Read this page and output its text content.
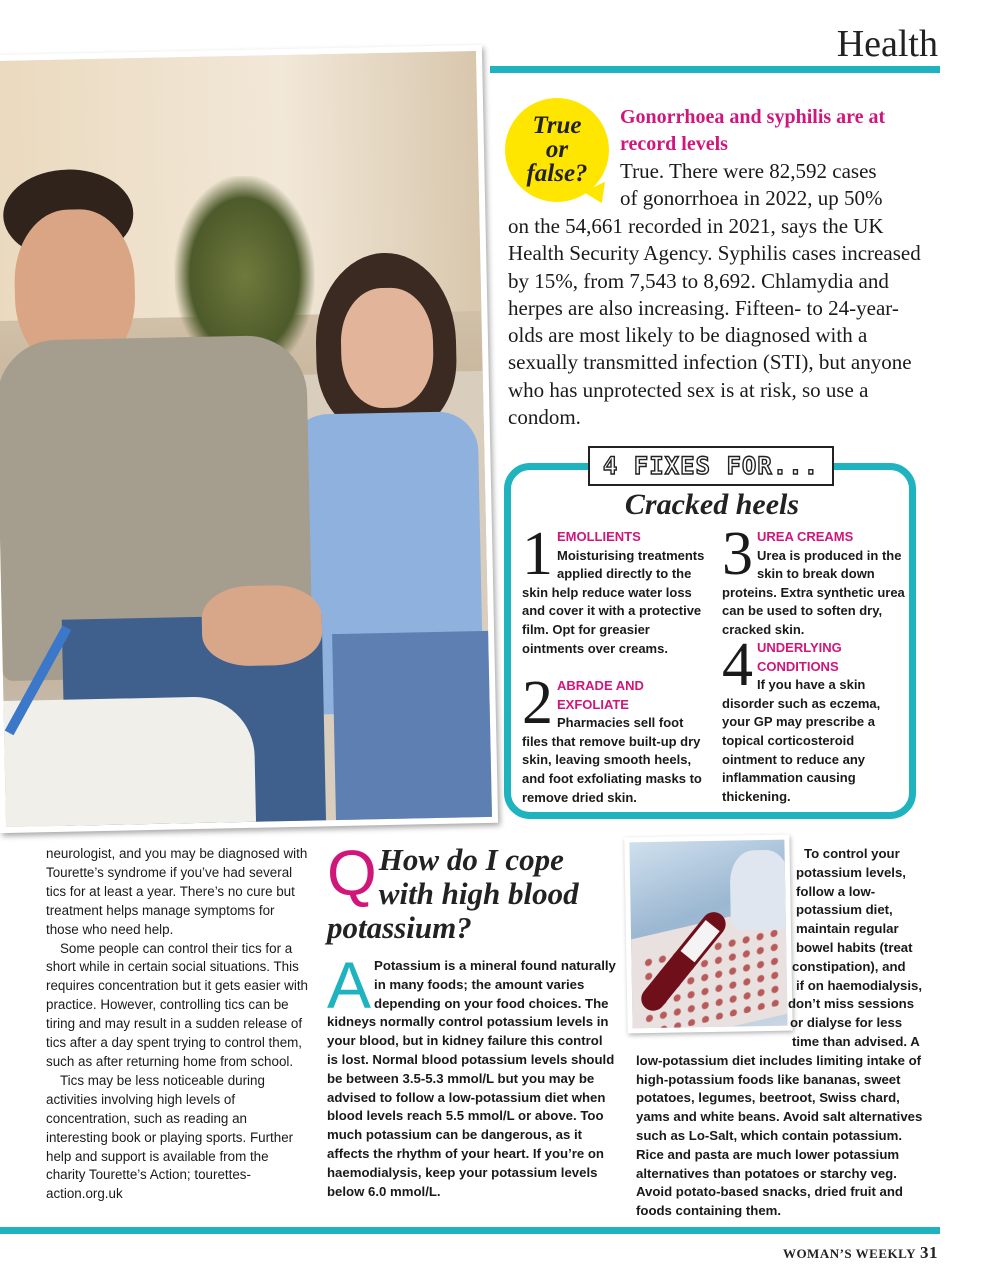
Health
True
or
false?
Gonorrhoea and syphilis are at record levels
True. There were 82,592 cases
of gonorrhoea in 2022, up 50%
on the 54,661 recorded in 2021, says the UK Health Security Agency. Syphilis cases increased by 15%, from 7,543 to 8,692. Chlamydia and herpes are also increasing. Fifteen- to 24-year-olds are most likely to be diagnosed with a sexually transmitted infection (STI), but anyone who has unprotected sex is at risk, so use a condom.
4 FIXES FOR...
Cracked heels
1 EMOLLIENTS
Moisturising treatments applied directly to the skin help reduce water loss and cover it with a protective film. Opt for greasier ointments over creams.
2 ABRADE AND EXFOLIATE
Pharmacies sell foot files that remove built-up dry skin, leaving smooth heels, and foot exfoliating masks to remove dried skin.
3 UREA CREAMS
Urea is produced in the skin to break down proteins. Extra synthetic urea can be used to soften dry, cracked skin.
4 UNDERLYING CONDITIONS
If you have a skin disorder such as eczema, your GP may prescribe a topical corticosteroid ointment to reduce any inflammation causing thickening.

neurologist, and you may be diagnosed with Tourette’s syndrome if you’ve had several tics for at least a year. There’s no cure but treatment helps manage symptoms for those who need help.

Some people can control their tics for a short while in certain social situations. This requires concentration but it gets easier with practice. However, controlling tics can be tiring and may result in a sudden release of tics after a day spent trying to control them, such as after returning home from school.

Tics may be less noticeable during activities involving high levels of concentration, such as reading an interesting book or playing sports. Further help and support is available from the charity Tourette’s Action; tourettes-action.org.uk

Q How do I cope with high blood potassium?
A Potassium is a mineral found naturally in many foods; the amount varies depending on your food choices. The kidneys normally control potassium levels in your blood, but in kidney failure this control is lost. Normal blood potassium levels should be between 3.5-5.3 mmol/L but you may be advised to follow a low-potassium diet when blood levels reach 5.5 mmol/L or above. Too much potassium can be dangerous, as it affects the rhythm of your heart. If you’re on haemodialysis, keep your potassium levels below 6.0 mmol/L.
To control your
potassium levels,
follow a low-
potassium diet,
maintain regular
bowel habits (treat
constipation), and
if on haemodialysis,
don’t miss sessions
or dialyse for less
time than advised. A
low-potassium diet includes limiting intake of high-potassium foods like bananas, sweet potatoes, legumes, beetroot, Swiss chard, yams and white beans. Avoid salt alternatives such as Lo-Salt, which contain potassium. Rice and pasta are much lower potassium alternatives than potatoes or starchy veg. Avoid potato-based snacks, dried fruit and foods containing them.
WOMAN’S WEEKLY 31
